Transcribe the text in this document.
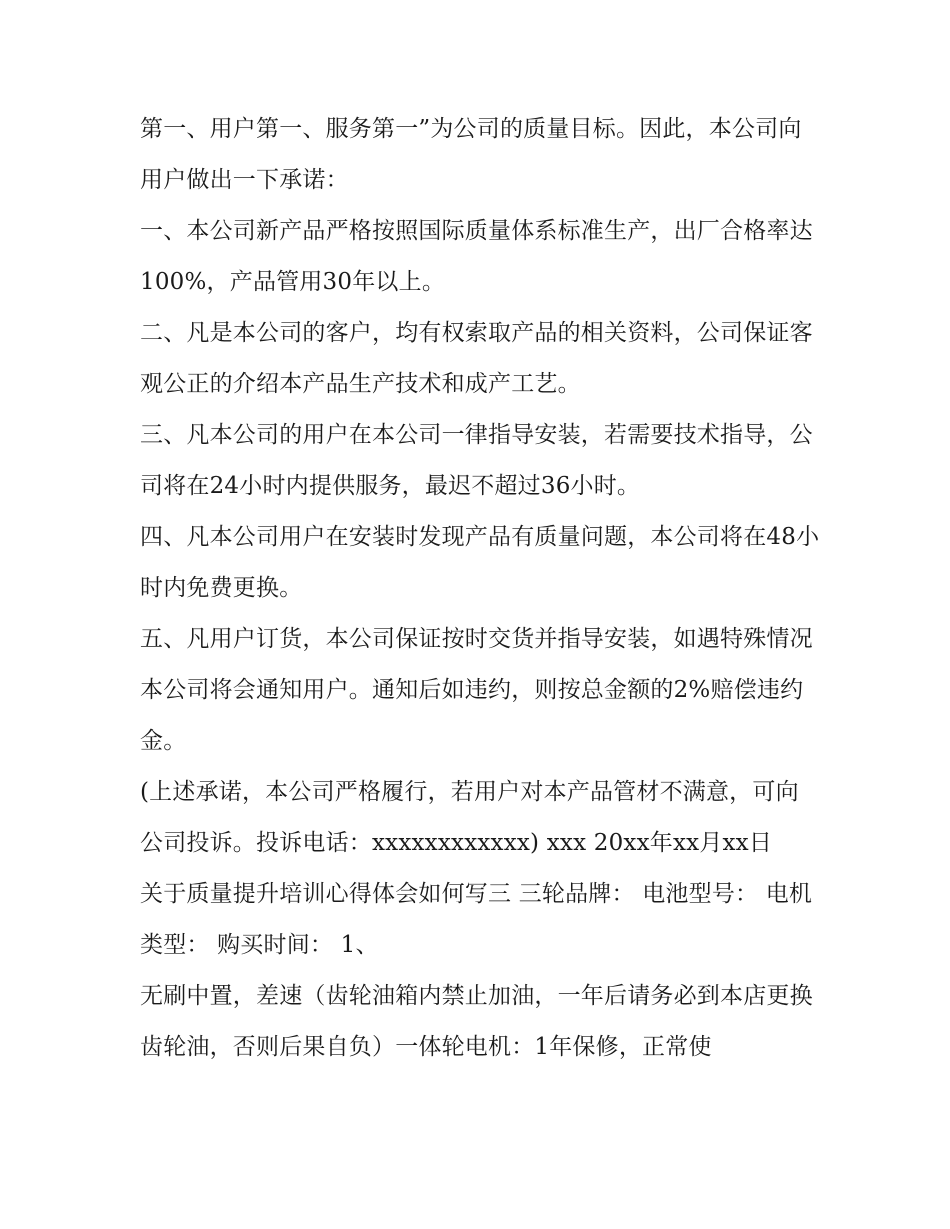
第一、用户第一、服务第一”为公司的质量目标。因此，本公司向用户做出一下承诺：

一、本公司新产品严格按照国际质量体系标准生产，出厂合格率达100%，产品管用30年以上。

二、凡是本公司的客户，均有权索取产品的相关资料，公司保证客观公正的介绍本产品生产技术和成产工艺。

三、凡本公司的用户在本公司一律指导安装，若需要技术指导，公司将在24小时内提供服务，最迟不超过36小时。

四、凡本公司用户在安装时发现产品有质量问题，本公司将在48小时内免费更换。

五、凡用户订货，本公司保证按时交货并指导安装，如遇特殊情况本公司将会通知用户。通知后如违约，则按总金额的2%赔偿违约金。

(上述承诺，本公司严格履行，若用户对本产品管材不满意，可向公司投诉。投诉电话：xxxxxxxxxxxx) xxx 20xx年xx月xx日

关于质量提升培训心得体会如何写三 三轮品牌： 电池型号： 电机类型： 购买时间： 1、

无刷中置，差速（齿轮油箱内禁止加油，一年后请务必到本店更换齿轮油，否则后果自负）一体轮电机：1年保修，正常使
